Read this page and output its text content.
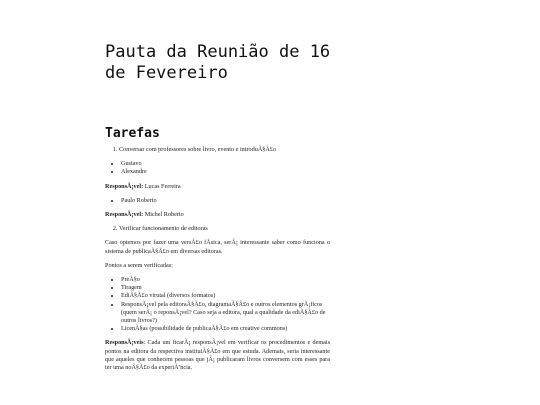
Pauta da Reunião de 16 de Fevereiro
Tarefas
1. Conversar com professores sobre livro, evento e introduÃ§Ã£o
• Gustavo
• Alexandre

ResponsÃ¡vel: Lucas Ferreira

• Paulo Roberto

ResponsÃ¡vel: Michel Roberto

2. Verificar funcionamento de editoras

Caso optemos por fazer uma versÃ£o fÃsica, serÃ¡ interessante saber como funciona o sistema de publicaÃ§Ã£o em diversas editoras.

Pontos a serem verificadas:

• PreÃ§o
• Tiragem
• EdiÃ§Ã£o virutal (diversos formatos)
• ResponsÃ¡vel pela editoraÃ§Ã£o, diagramaÃ§Ã£o e outros elementos grÃ¡ficos (quem serÃ¡ o reponsÃ¡vel? Caso seja a editora, qual a qualidade da ediÃ§Ã£o de outros livros?)
• LicenÃ§as (possibilidade de publicaÃ§Ã£o em creative commons)

ResponsÃ¡veis: Cada um ficarÃ¡ responsÃ¡vel em verificar os procedimentos e demais pontos na editora da respectiva instituiÃ§Ã£o em que estuda. Ademais, seria interessante que aqueles que conhecem pessoas que jÃ¡ publicaram livros conversem com esses para ter uma noÃ§Ã£o da experiÃªncia.
